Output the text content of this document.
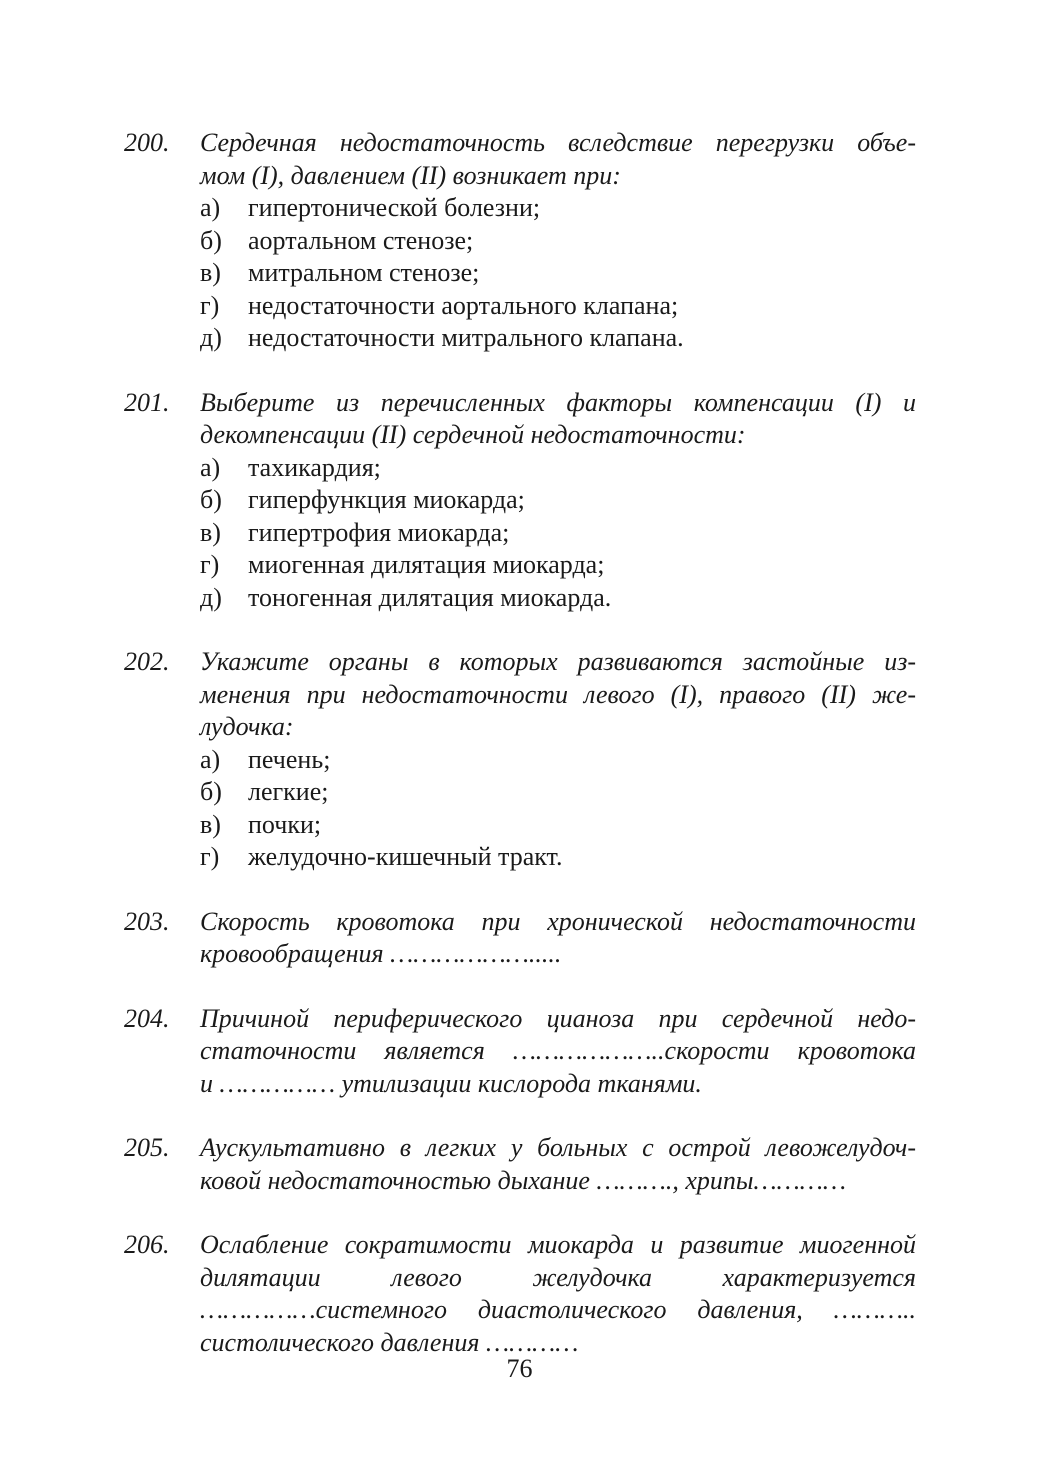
200.	Сердечная недостаточность вследствие перегрузки объе-
мом (I), давлением (II) возникает при:
а)	гипертонической болезни;
б)	аортальном стенозе;
в)	митральном стенозе;
г)	недостаточности аортального клапана;
д)	недостаточности митрального клапана.
201.	Выберите из перечисленных факторы компенсации (I) и
декомпенсации (II) сердечной недостаточности:
а)	тахикардия;
б)	гиперфункция миокарда;
в)	гипертрофия миокарда;
г)	миогенная дилятация миокарда;
д)	тоногенная дилятация миокарда.
202.	Укажите органы в которых развиваются застойные из-
менения при недостаточности левого (I), правого (II) же-
лудочка:
а)	печень;
б)	легкие;
в)	почки;
г)	желудочно-кишечный тракт.
203.	Скорость кровотока при хронической недостаточности
кровообращения ……………….....
204.	Причиной периферического цианоза при сердечной недо-
статочности является ………………..скорости кровотока
и …………… утилизации кислорода тканями.
205.	Аускультативно в легких у больных с острой левожелудоч-
ковой недостаточностью дыхание ………., хрипы…………
206.	Ослабление сократимости миокарда и развитие миогенной
дилятации левого желудочка характеризуется
……………системного диастолического давления, ………..
систолического давления …………
76
